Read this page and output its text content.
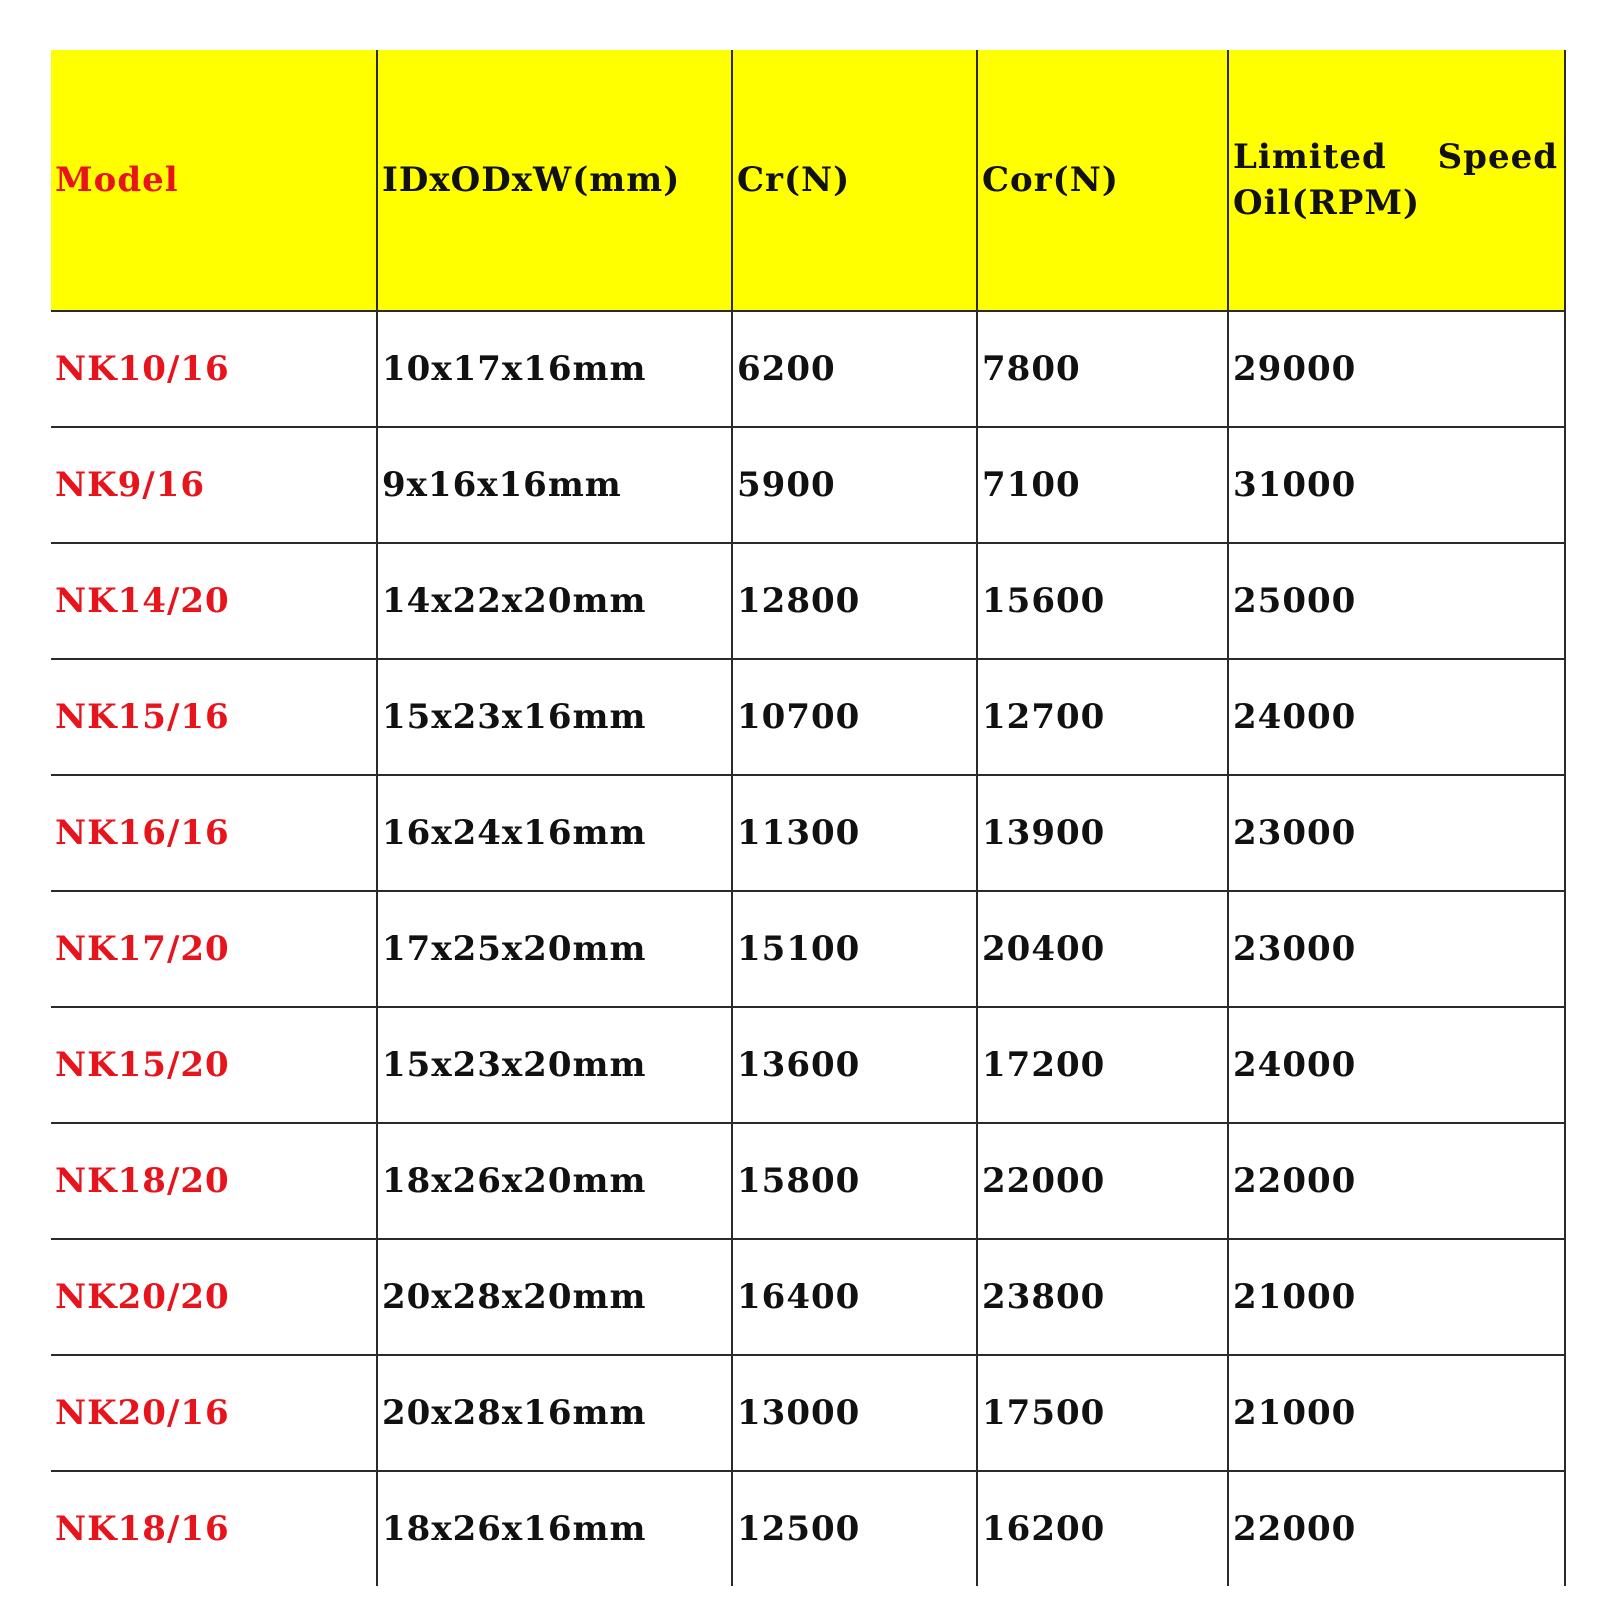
Model	IDxODxW(mm)	Cr(N)	Cor(N)	Limited Speed
Oil(RPM)

NK10/16	10x17x16mm	6200	7800	29000
NK9/16	9x16x16mm	5900	7100	31000
NK14/20	14x22x20mm	12800	15600	25000
NK15/16	15x23x16mm	10700	12700	24000
NK16/16	16x24x16mm	11300	13900	23000
NK17/20	17x25x20mm	15100	20400	23000
NK15/20	15x23x20mm	13600	17200	24000
NK18/20	18x26x20mm	15800	22000	22000
NK20/20	20x28x20mm	16400	23800	21000
NK20/16	20x28x16mm	13000	17500	21000
NK18/16	18x26x16mm	12500	16200	22000
